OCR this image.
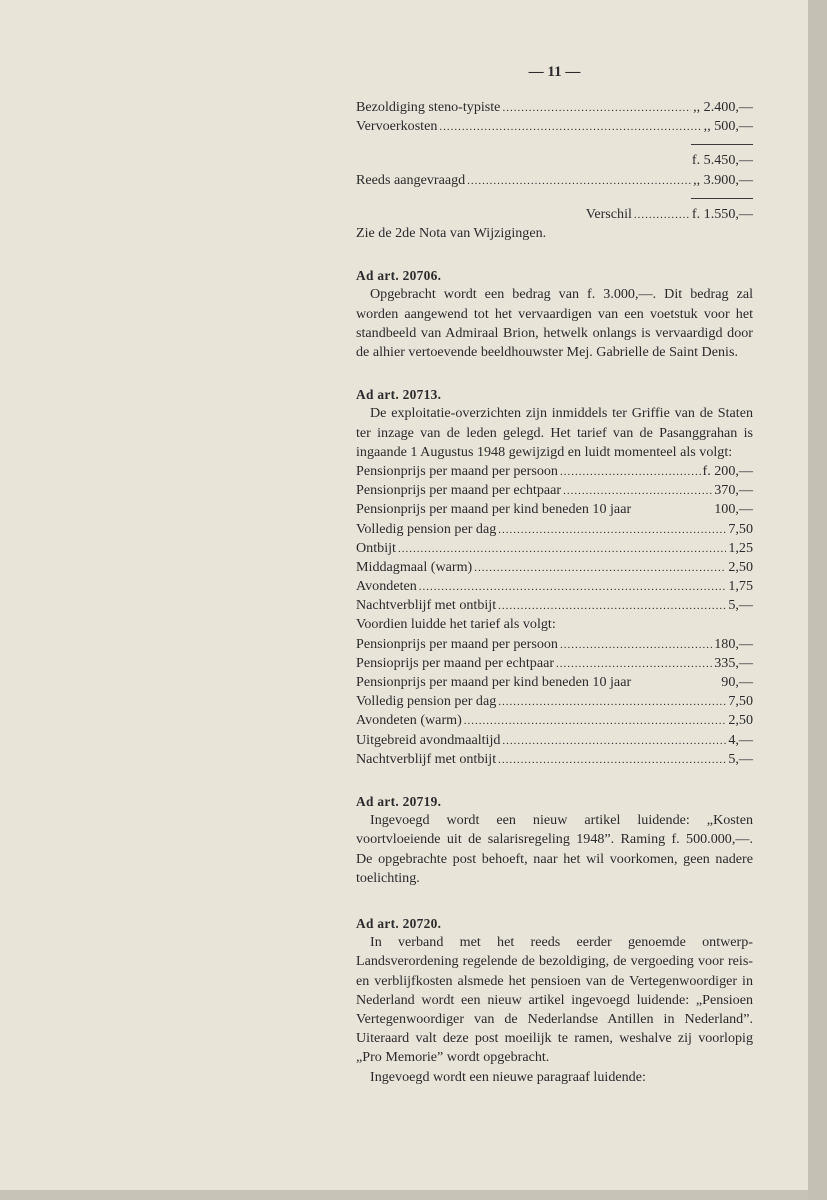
— 11 —
Bezoldiging steno-typiste .....	,, 2.400,—
Vervoerkosten .....	,, 500,—
f. 5.450,—
Reeds aangevraagd .....	,, 3.900,—
Verschil .....	f. 1.550,—
Zie de 2de Nota van Wijzigingen.
Ad art. 20706.
Opgebracht wordt een bedrag van f. 3.000,—. Dit bedrag zal worden aangewend tot het vervaardigen van een voetstuk voor het standbeeld van Admiraal Brion, hetwelk onlangs is vervaardigd door de alhier vertoevende beeldhouwster Mej. Gabrielle de Saint Denis.
Ad art. 20713.
De exploitatie-overzichten zijn inmiddels ter Griffie van de Staten ter inzage van de leden gelegd. Het tarief van de Pasanggrahan is ingaande 1 Augustus 1948 gewijzigd en luidt momenteel als volgt:
Pensionprijs per maand per persoon .....	f. 200,—
Pensionprijs per maand per echtpaar .....	370,—
Pensionprijs per maand per kind beneden 10 jaar	100,—
Volledig pension per dag .....	7,50
Ontbijt .....	1,25
Middagmaal (warm) .....	2,50
Avondeten .....	1,75
Nachtverblijf met ontbijt .....	5,—
Voordien luidde het tarief als volgt:
Pensionprijs per maand per persoon .....	180,—
Pensioprijs per maand per echtpaar .....	335,—
Pensionprijs per maand per kind beneden 10 jaar	90,—
Volledig pension per dag .....	7,50
Avondeten (warm) .....	2,50
Uitgebreid avondmaaltijd .....	4,—
Nachtverblijf met ontbijt .....	5,—
Ad art. 20719.
Ingevoegd wordt een nieuw artikel luidende: „Kosten voortvloeiende uit de salarisregeling 1948”. Raming f. 500.000,—. De opgebrachte post behoeft, naar het wil voorkomen, geen nadere toelichting.
Ad art. 20720.
In verband met het reeds eerder genoemde ontwerp-Landsverordening regelende de bezoldiging, de vergoeding voor reis- en verblijfkosten alsmede het pensioen van de Vertegenwoordiger in Nederland wordt een nieuw artikel ingevoegd luidende: „Pensioen Vertegenwoordiger van de Nederlandse Antillen in Nederland”. Uiteraard valt deze post moeilijk te ramen, weshalve zij voorlopig „Pro Memorie” wordt opgebracht.
Ingevoegd wordt een nieuwe paragraaf luidende:
